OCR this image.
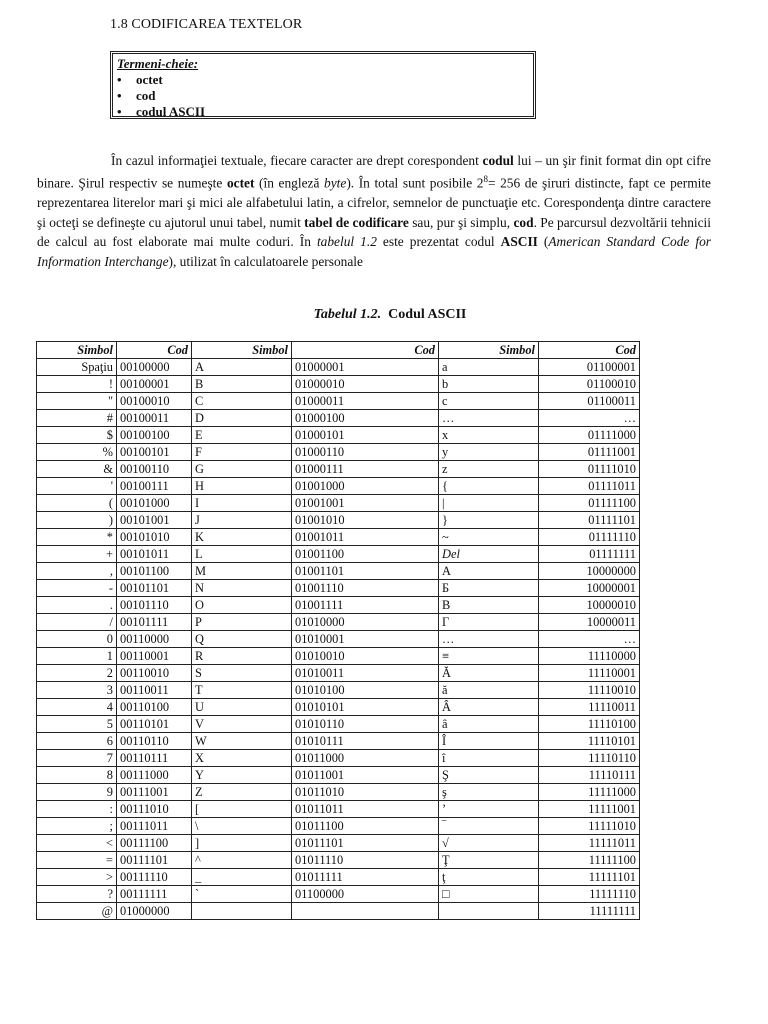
1.8 CODIFICAREA TEXTELOR
Termeni-cheie:
• octet
• cod
• codul ASCII
În cazul informaţiei textuale, fiecare caracter are drept corespondent codul lui – un şir finit format din opt cifre binare. Şirul respectiv se numeşte octet (în engleză byte). În total sunt posibile $2^8= 256$ de şiruri distincte, fapt ce permite reprezentarea literelor mari şi mici ale alfabetului latin, a cifrelor, semnelor de punctuaţie etc. Corespondenţa dintre caractere şi octeţi se defineşte cu ajutorul unui tabel, numit tabel de codificare sau, pur şi simplu, cod. Pe parcursul dezvoltării tehnicii de calcul au fost elaborate mai multe coduri. În tabelul 1.2 este prezentat codul ASCII (American Standard Code for Information Interchange), utilizat în calculatoarele personale
Tabelul 1.2. Codul ASCII
Simbol	Cod	Simbol	Cod	Simbol	Cod
Spaţiu	00100000	A	01000001	a	01100001
!	00100001	B	01000010	b	01100010
"	00100010	C	01000011	c	01100011
#	00100011	D	01000100	…	…
$	00100100	E	01000101	x	01111000
%	00100101	F	01000110	y	01111001
&	00100110	G	01000111	z	01111010
'	00100111	H	01001000	{	01111011
(	00101000	I	01001001	|	01111100
)	00101001	J	01001010	}	01111101
*	00101010	K	01001011	~	01111110
+	00101011	L	01001100	Del	01111111
,	00101100	M	01001101	А	10000000
-	00101101	N	01001110	Б	10000001
.	00101110	O	01001111	В	10000010
/	00101111	P	01010000	Г	10000011
0	00110000	Q	01010001	…	…
1	00110001	R	01010010	≡	11110000
2	00110010	S	01010011	Ă	11110001
3	00110011	T	01010100	ă	11110010
4	00110100	U	01010101	Â	11110011
5	00110101	V	01010110	â	11110100
6	00110110	W	01010111	Î	11110101
7	00110111	X	01011000	î	11110110
8	00111000	Y	01011001	Ş	11110111
9	00111001	Z	01011010	ş	11111000
:	00111010	[	01011011	’	11111001
;	00111011	\	01011100	‾	11111010
<	00111100	]	01011101	√	11111011
=	00111101	^	01011110	Ţ	11111100
>	00111110	_	01011111	ţ	11111101
?	00111111	`	01100000	□	11111110
@	01000000				11111111
